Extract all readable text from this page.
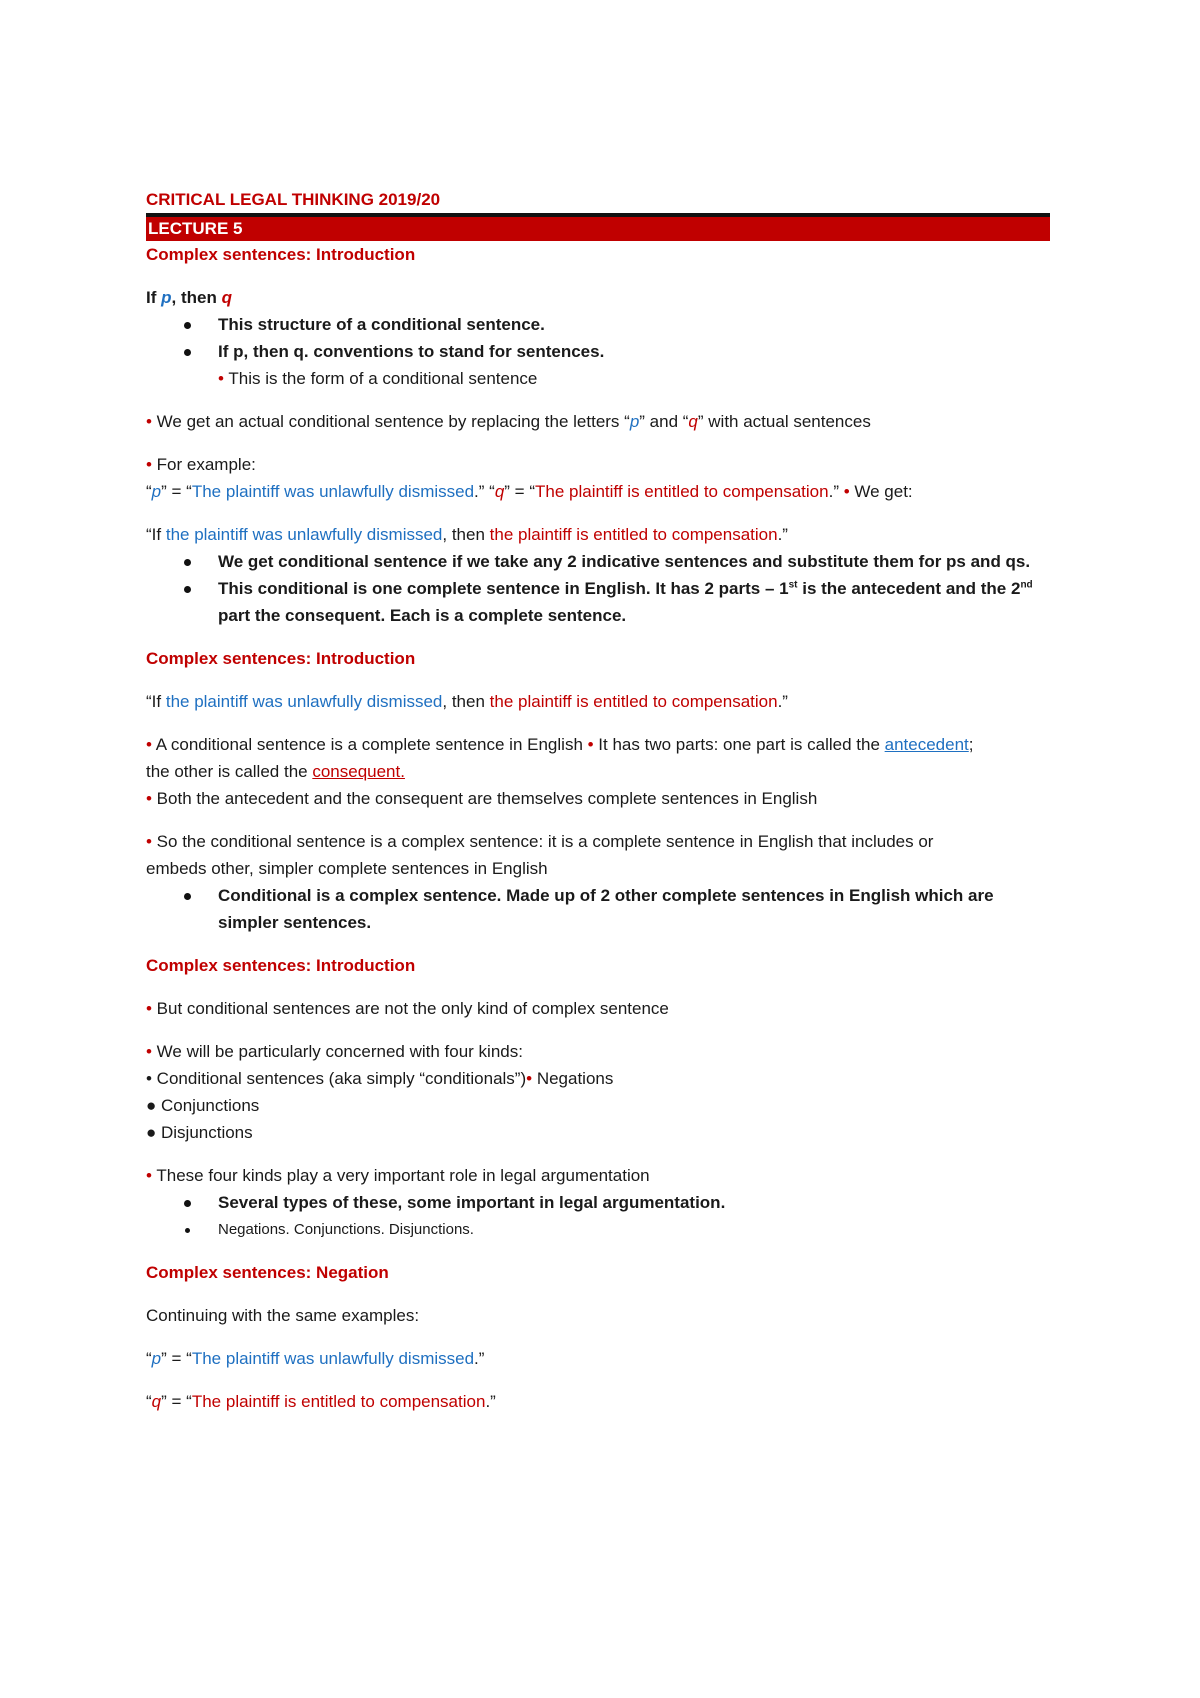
CRITICAL LEGAL THINKING 2019/20

LECTURE 5

Complex sentences: Introduction

If p, then q

This structure of a conditional sentence.
If p, then q. conventions to stand for sentences.

• This is the form of a conditional sentence

• We get an actual conditional sentence by replacing the letters “p” and “q” with actual sentences

• For example:

“p” = “The plaintiff was unlawfully dismissed.” “q” = “The plaintiff is entitled to compensation.” • We get:

“If the plaintiff was unlawfully dismissed, then the plaintiff is entitled to compensation.”

We get conditional sentence if we take any 2 indicative sentences and substitute them for ps and qs.
This conditional is one complete sentence in English. It has 2 parts – 1st is the antecedent and the 2nd part the consequent. Each is a complete sentence.

Complex sentences: Introduction

“If the plaintiff was unlawfully dismissed, then the plaintiff is entitled to compensation.”

• A conditional sentence is a complete sentence in English • It has two parts: one part is called the antecedent;
the other is called the consequent.

• Both the antecedent and the consequent are themselves complete sentences in English

• So the conditional sentence is a complex sentence: it is a complete sentence in English that includes or
embeds other, simpler complete sentences in English

Conditional is a complex sentence. Made up of 2 other complete sentences in English which are simpler sentences.

Complex sentences: Introduction

• But conditional sentences are not the only kind of complex sentence

• We will be particularly concerned with four kinds:

• Conditional sentences (aka simply “conditionals”)• Negations

● Conjunctions

● Disjunctions

• These four kinds play a very important role in legal argumentation

Several types of these, some important in legal argumentation.
Negations. Conjunctions. Disjunctions.

Complex sentences: Negation

Continuing with the same examples:

“p” = “The plaintiff was unlawfully dismissed.”

“q” = “The plaintiff is entitled to compensation.”
